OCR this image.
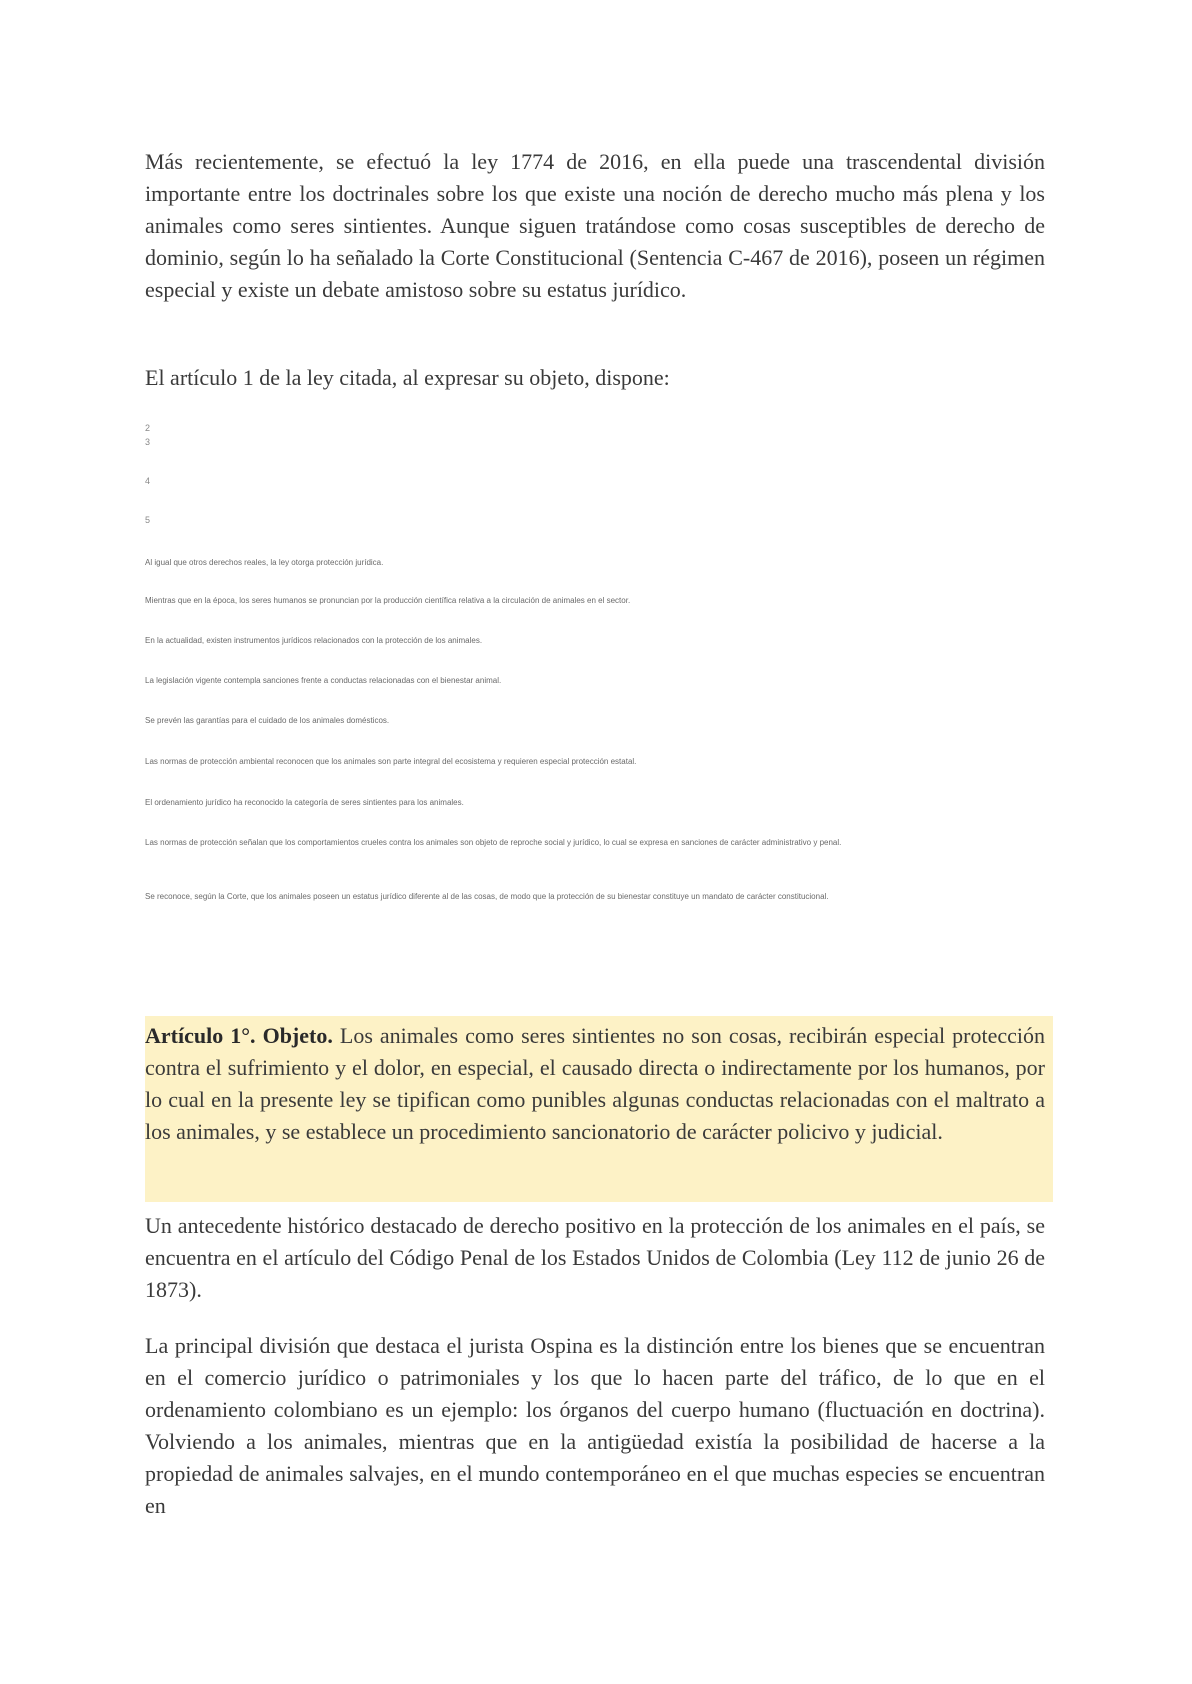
Más recientemente, se efectuó la ley 1774 de 2016, en ella puede una trascendental división importante entre los doctrinales sobre los que existe una noción de derecho mucho más plena y los animales como seres sintientes. Aunque siguen tratándose como cosas susceptibles de derecho de dominio, según lo ha señalado la Corte Constitucional (Sentencia C-467 de 2016), poseen un régimen especial y existe un debate amistoso sobre su estatus jurídico.

El artículo 1 de la ley citada, al expresar su objeto, dispone:

2
3
4
5
Al igual que otros derechos reales, la ley otorga protección jurídica.
Mientras que en la época, los seres humanos se pronuncian por la producción científica relativa a la circulación de animales en el sector.
En la actualidad, existen instrumentos jurídicos relacionados con la protección de los animales.
La legislación vigente contempla sanciones frente a conductas relacionadas con el bienestar animal.
Se prevén las garantías para el cuidado de los animales domésticos.
Las normas de protección ambiental reconocen que los animales son parte integral del ecosistema y requieren especial protección estatal.
El ordenamiento jurídico ha reconocido la categoría de seres sintientes para los animales.
Las normas de protección señalan que los comportamientos crueles contra los animales son objeto de reproche social y jurídico, lo cual se expresa en sanciones de carácter administrativo y penal.
Se reconoce, según la Corte, que los animales poseen un estatus jurídico diferente al de las cosas, de modo que la protección de su bienestar constituye un mandato de carácter constitucional.

Artículo 1°. Objeto. Los animales como seres sintientes no son cosas, recibirán especial protección contra el sufrimiento y el dolor, en especial, el causado directa o indirectamente por los humanos, por lo cual en la presente ley se tipifican como punibles algunas conductas relacionadas con el maltrato a los animales, y se establece un procedimiento sancionatorio de carácter policivo y judicial.

Un antecedente histórico destacado de derecho positivo en la protección de los animales en el país, se encuentra en el artículo del Código Penal de los Estados Unidos de Colombia (Ley 112 de junio 26 de 1873).

La principal división que destaca el jurista Ospina es la distinción entre los bienes que se encuentran en el comercio jurídico o patrimoniales y los que lo hacen parte del tráfico, de lo que en el ordenamiento colombiano es un ejemplo: los órganos del cuerpo humano (fluctuación en doctrina). Volviendo a los animales, mientras que en la antigüedad existía la posibilidad de hacerse a la propiedad de animales salvajes, en el mundo contemporáneo en el que muchas especies se encuentran en
